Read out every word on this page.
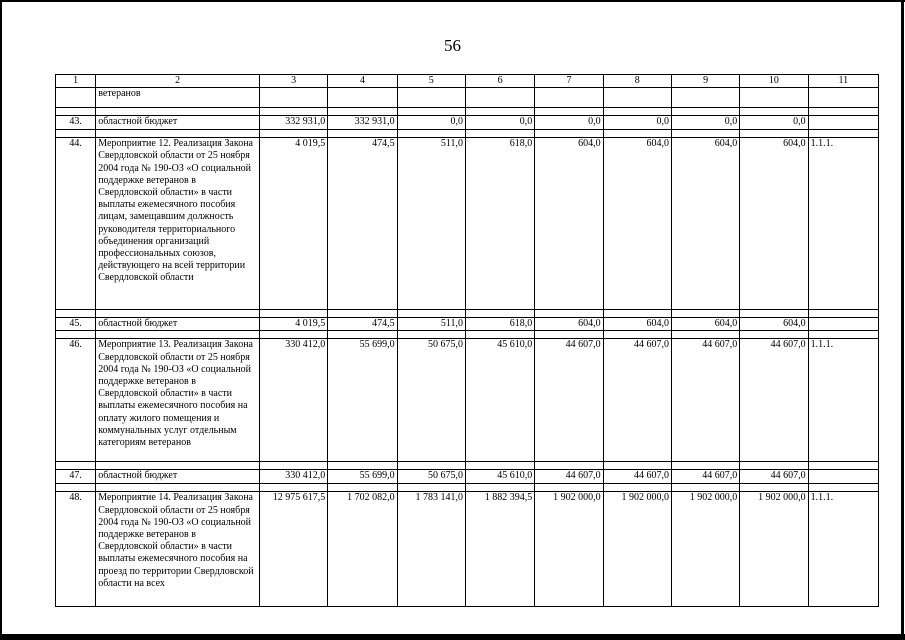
56
1	2	3	4	5	6	7	8	9	10	11
	ветеранов									

43.	областной бюджет	332 931,0	332 931,0	0,0	0,0	0,0	0,0	0,0	0,0	

44.	Мероприятие 12. Реализация Закона Свердловской области от 25 ноября 2004 года № 190-ОЗ «О социальной поддержке ветеранов в Свердловской области» в части выплаты ежемесячного пособия лицам, замещавшим должность руководителя территориального объединения организаций профессиональных союзов, действующего на всей территории Свердловской области	4 019,5	474,5	511,0	618,0	604,0	604,0	604,0	604,0	1.1.1.

45.	областной бюджет	4 019,5	474,5	511,0	618,0	604,0	604,0	604,0	604,0	

46.	Мероприятие 13. Реализация Закона Свердловской области от 25 ноября 2004 года № 190-ОЗ «О социальной поддержке ветеранов в Свердловской области» в части выплаты ежемесячного пособия на оплату жилого помещения и коммунальных услуг отдельным категориям ветеранов	330 412,0	55 699,0	50 675,0	45 610,0	44 607,0	44 607,0	44 607,0	44 607,0	1.1.1.

47.	областной бюджет	330 412,0	55 699,0	50 675,0	45 610,0	44 607,0	44 607,0	44 607,0	44 607,0	

48.	Мероприятие 14. Реализация Закона Свердловской области от 25 ноября 2004 года № 190-ОЗ «О социальной поддержке ветеранов в Свердловской области» в части выплаты ежемесячного пособия на проезд по территории Свердловской области на всех	12 975 617,5	1 702 082,0	1 783 141,0	1 882 394,5	1 902 000,0	1 902 000,0	1 902 000,0	1 902 000,0	1.1.1.
